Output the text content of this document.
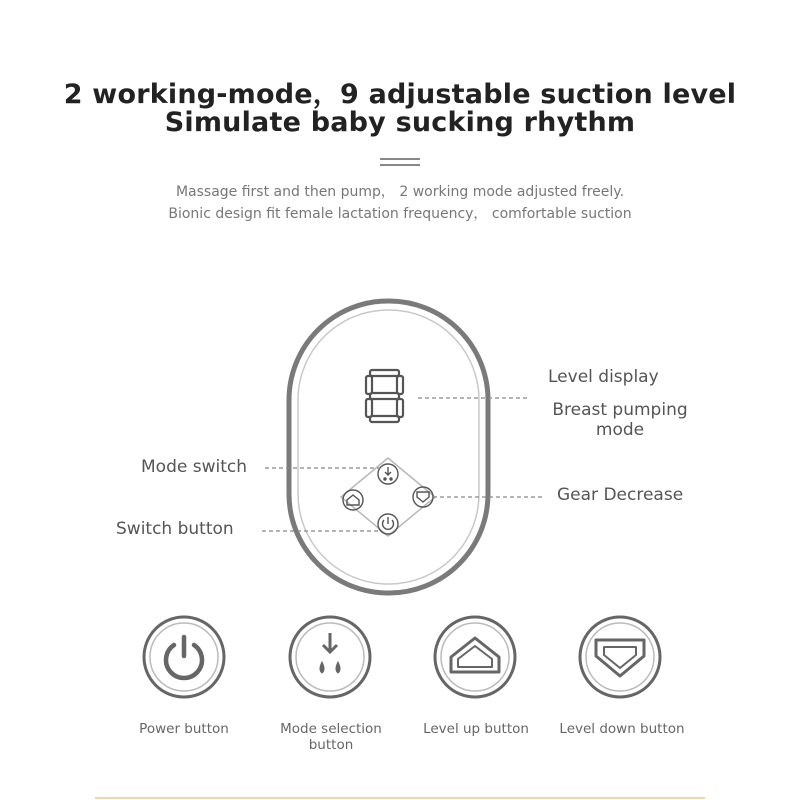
2 working-mode，9 adjustable suction level
Simulate baby sucking rhythm
Massage first and then pump， 2 working mode adjusted freely.
Bionic design fit female lactation frequency， comfortable suction
Level display
Breast pumping mode
Mode switch
Gear Decrease
Switch button
Power button	Mode selection button
Level up button	Level down button
